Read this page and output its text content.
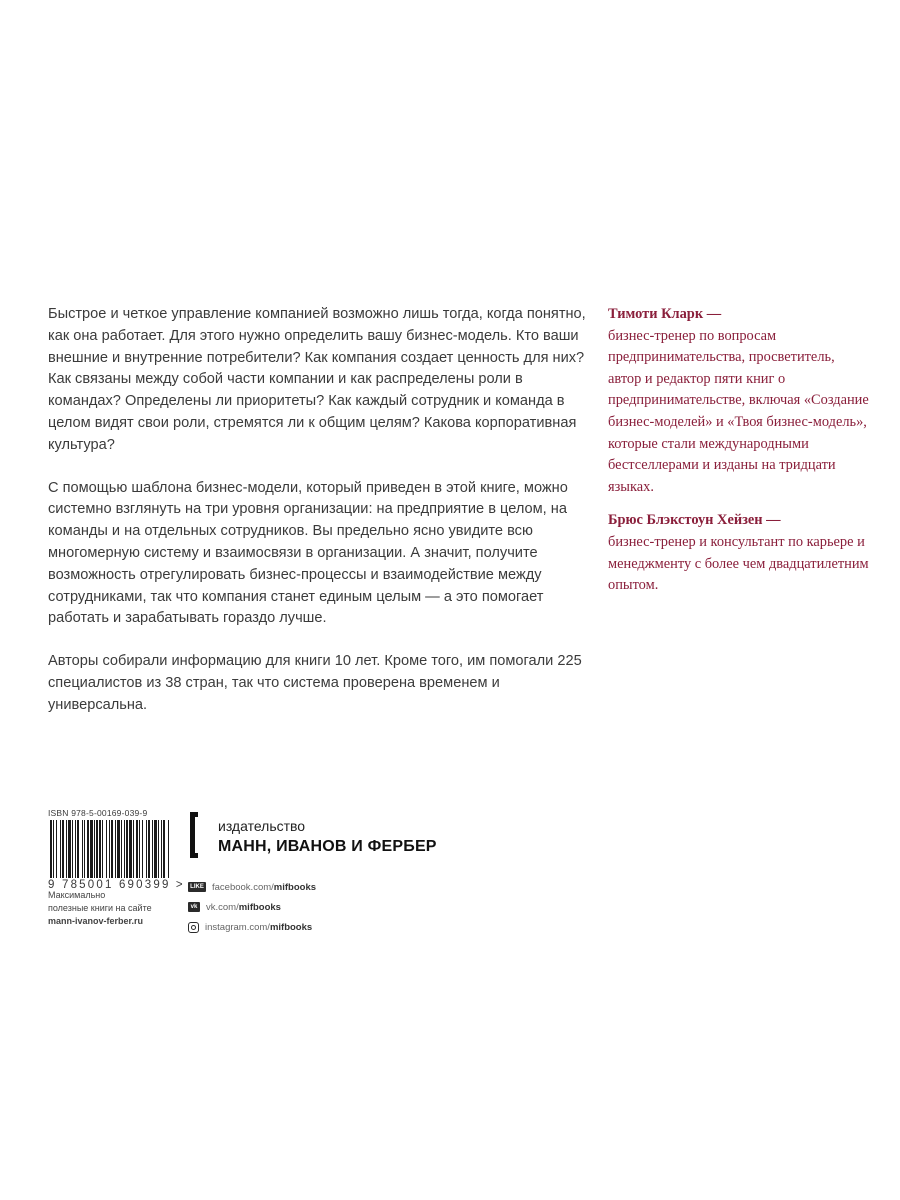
Быстрое и четкое управление компанией возможно лишь тогда, когда понятно, как она работает. Для этого нужно определить вашу бизнес-модель. Кто ваши внешние и внутренние потребители? Как компания создает ценность для них? Как связаны между собой части компании и как распределены роли в командах? Определены ли приоритеты? Как каждый сотрудник и команда в целом видят свои роли, стремятся ли к общим целям? Какова корпоративная культура?

С помощью шаблона бизнес-модели, который приведен в этой книге, можно системно взглянуть на три уровня организации: на предприятие в целом, на команды и на отдельных сотрудников. Вы предельно ясно увидите всю многомерную систему и взаимосвязи в организации. А значит, получите возможность отрегулировать бизнес-процессы и взаимодействие между сотрудниками, так что компания станет единым целым — а это помогает работать и зарабатывать гораздо лучше.

Авторы собирали информацию для книги 10 лет. Кроме того, им помогали 225 специалистов из 38 стран, так что система проверена временем и универсальна.

Тимоти Кларк —
бизнес-тренер по вопросам предпринимательства, просветитель, автор и редактор пяти книг о предпринимательстве, включая «Создание бизнес-моделей» и «Твоя бизнес-модель», которые стали международными бестселлерами и изданы на тридцати языках.
Брюс Блэкстоун Хейзен —
бизнес-тренер и консультант по карьере и менеджменту с более чем двадцатилетним опытом.
ISBN 978-5-00169-039-9
9 785001 690399 >
Максимально
полезные книги на сайте
mann-ivanov-ferber.ru
издательство
МАНН, ИВАНОВ И ФЕРБЕР
LIKE facebook.com/ mifbooks
vk vk.com/ mifbooks
instagram.com/ mifbooks
